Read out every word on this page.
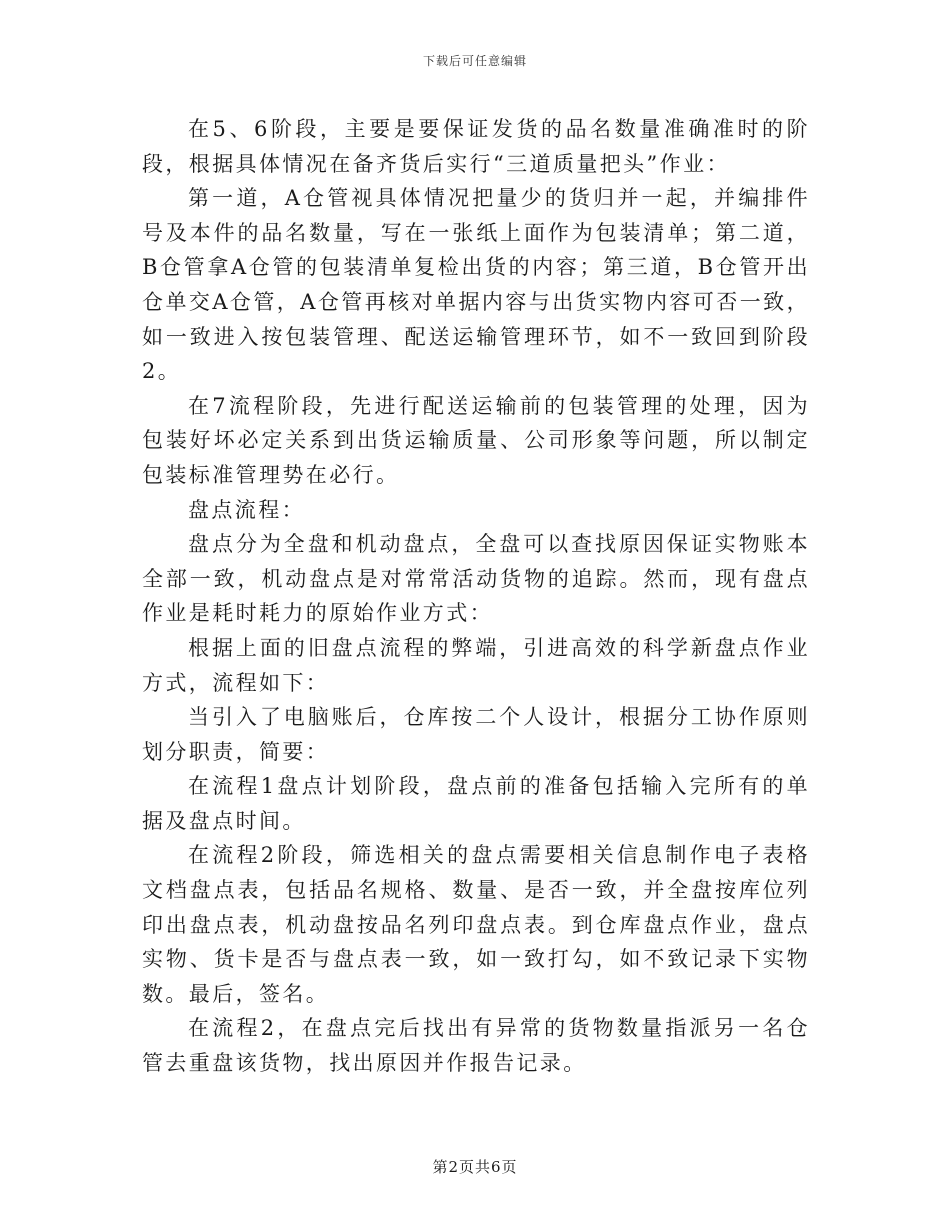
下载后可任意编辑

在5、6阶段，主要是要保证发货的品名数量准确准时的阶段，根据具体情况在备齐货后实行“三道质量把头”作业：

第一道，A仓管视具体情况把量少的货归并一起，并编排件号及本件的品名数量，写在一张纸上面作为包装清单；第二道，B仓管拿A仓管的包装清单复检出货的内容；第三道，B仓管开出仓单交A仓管，A仓管再核对单据内容与出货实物内容可否一致，如一致进入按包装管理、配送运输管理环节，如不一致回到阶段2。

在7流程阶段，先进行配送运输前的包装管理的处理，因为包装好坏必定关系到出货运输质量、公司形象等问题，所以制定包装标准管理势在必行。

盘点流程：

盘点分为全盘和机动盘点，全盘可以查找原因保证实物账本全部一致，机动盘点是对常常活动货物的追踪。然而，现有盘点作业是耗时耗力的原始作业方式：

根据上面的旧盘点流程的弊端，引进高效的科学新盘点作业方式，流程如下：

当引入了电脑账后，仓库按二个人设计，根据分工协作原则划分职责，简要：

在流程1盘点计划阶段，盘点前的准备包括输入完所有的单据及盘点时间。

在流程2阶段，筛选相关的盘点需要相关信息制作电子表格文档盘点表，包括品名规格、数量、是否一致，并全盘按库位列印出盘点表，机动盘按品名列印盘点表。到仓库盘点作业，盘点实物、货卡是否与盘点表一致，如一致打勾，如不致记录下实物数。最后，签名。

在流程2，在盘点完后找出有异常的货物数量指派另一名仓管去重盘该货物，找出原因并作报告记录。

第2页共6页
